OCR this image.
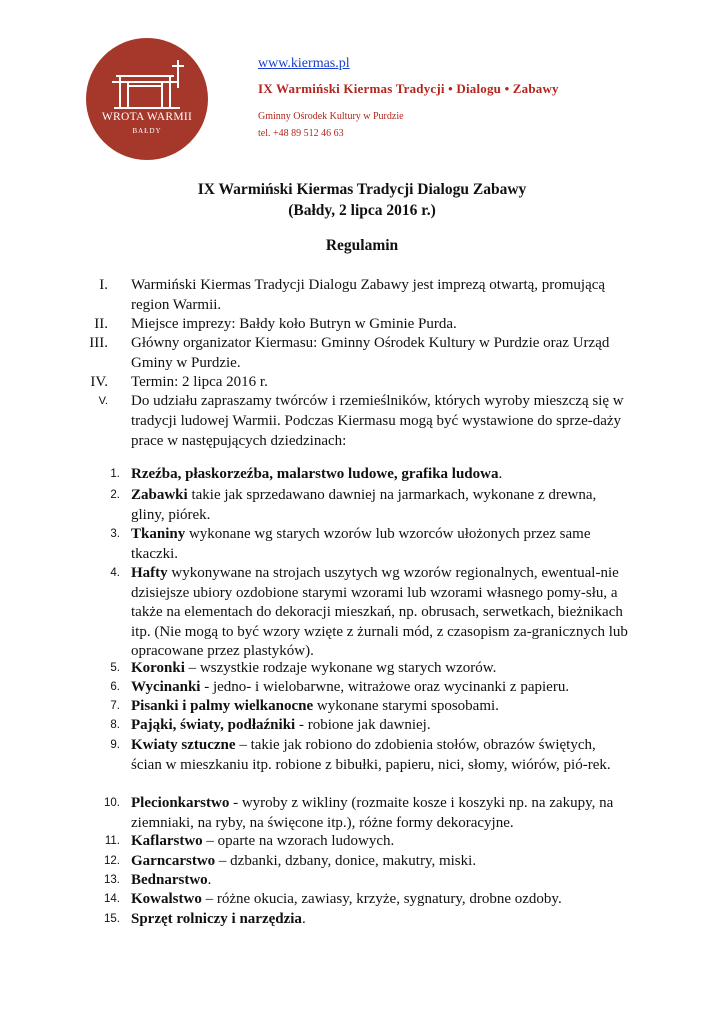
WROTA WARMII
BAŁDY
www.kiermas.pl
IX Warmiński Kiermas Tradycji • Dialogu • Zabawy
Gminny Ośrodek Kultury w Purdzie
tel. +48 89 512 46 63
IX Warmiński Kiermas Tradycji Dialogu Zabawy
(Bałdy, 2 lipca 2016 r.)
Regulamin
I. Warmiński Kiermas Tradycji Dialogu Zabawy jest imprezą otwartą, promującą region Warmii.
II. Miejsce imprezy: Bałdy koło Butryn w Gminie Purda.
III. Główny organizator Kiermasu: Gminny Ośrodek Kultury w Purdzie oraz Urząd Gminy w Purdzie.
IV. Termin: 2 lipca 2016 r.
V. Do udziału zapraszamy twórców i rzemieślników, których wyroby mieszczą się w tradycji ludowej Warmii. Podczas Kiermasu mogą być wystawione do sprze-daży prace w następujących dziedzinach:
1. Rzeźba, płaskorzeźba, malarstwo ludowe, grafika ludowa.
2. Zabawki takie jak sprzedawano dawniej na jarmarkach, wykonane z drewna, gliny, piórek.
3. Tkaniny wykonane wg starych wzorów lub wzorców ułożonych przez same tkaczki.
4. Hafty wykonywane na strojach uszytych wg wzorów regionalnych, ewentual-nie dzisiejsze ubiory ozdobione starymi wzorami lub wzorami własnego pomy-słu, a także na elementach do dekoracji mieszkań, np. obrusach, serwetkach, bieżnikach itp. (Nie mogą to być wzory wzięte z żurnali mód, z czasopism za-granicznych lub opracowane przez plastyków).
5. Koronki – wszystkie rodzaje wykonane wg starych wzorów.
6. Wycinanki - jedno- i wielobarwne, witrażowe oraz wycinanki z papieru.
7. Pisanki i palmy wielkanocne wykonane starymi sposobami.
8. Pająki, światy, podłaźniki - robione jak dawniej.
9. Kwiaty sztuczne – takie jak robiono do zdobienia stołów, obrazów świętych, ścian w mieszkaniu itp. robione z bibułki, papieru, nici, słomy, wiórów, pió-rek.
10. Plecionkarstwo - wyroby z wikliny (rozmaite kosze i koszyki np. na zakupy, na ziemniaki, na ryby, na święcone itp.), różne formy dekoracyjne.
11. Kaflarstwo – oparte na wzorach ludowych.
12. Garncarstwo – dzbanki, dzbany, donice, makutry, miski.
13. Bednarstwo.
14. Kowalstwo – różne okucia, zawiasy, krzyże, sygnatury, drobne ozdoby.
15. Sprzęt rolniczy i narzędzia.
